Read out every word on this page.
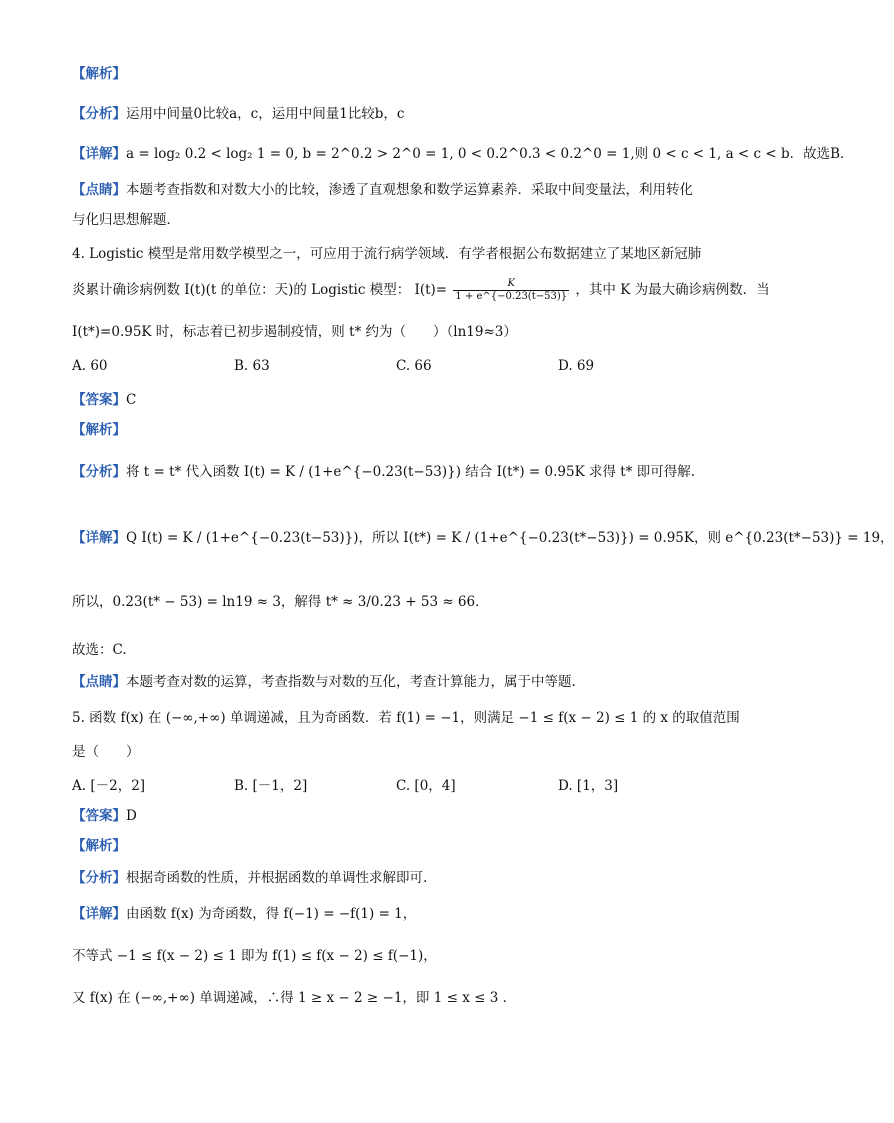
【解析】
【分析】运用中间量0比较a，c，运用中间量1比较b，c
【详解】a = log₂ 0.2 < log₂ 1 = 0, b = 2^0.2 > 2^0 = 1, 0 < 0.2^0.3 < 0.2^0 = 1,则 0 < c < 1, a < c < b．故选B．
【点睛】本题考查指数和对数大小的比较，渗透了直观想象和数学运算素养．采取中间变量法，利用转化
与化归思想解题．
4. Logistic 模型是常用数学模型之一，可应用于流行病学领域．有学者根据公布数据建立了某地区新冠肺
炎累计确诊病例数 I(t)(t 的单位：天)的 Logistic 模型： $I(t)= \frac{K}{1 + e\^{}\{-0.23(t-53)\}}$ ，其中 K 为最大确诊病例数．当
I(t*)=0.95K 时，标志着已初步遏制疫情，则 t* 约为（　　）（ln19≈3）
A. 60	B. 63	C. 66	D. 69
【答案】C
【解析】
【分析】将 t = t* 代入函数 I(t) = K / (1+e^{−0.23(t−53)}) 结合 I(t*) = 0.95K 求得 t* 即可得解.
【详解】Q I(t) = K / (1+e^{−0.23(t−53)})，所以 I(t*) = K / (1+e^{−0.23(t*−53)}) = 0.95K，则 e^{0.23(t*−53)} = 19，
所以，0.23(t* − 53) = ln19 ≈ 3，解得 t* ≈ 3/0.23 + 53 ≈ 66．
故选：C.
【点睛】本题考查对数的运算，考查指数与对数的互化，考查计算能力，属于中等题.
5. 函数 f(x) 在 (−∞,+∞) 单调递减，且为奇函数．若 f(1) = −1，则满足 −1 ≤ f(x − 2) ≤ 1 的 x 的取值范围
是（　　）
A. [－2，2]	B. [－1，2]	C. [0，4]	D. [1，3]
【答案】D
【解析】
【分析】根据奇函数的性质，并根据函数的单调性求解即可.
【详解】由函数 f(x) 为奇函数，得 f(−1) = −f(1) = 1，
不等式 −1 ≤ f(x − 2) ≤ 1 即为 f(1) ≤ f(x − 2) ≤ f(−1)，
又 f(x) 在 (−∞,+∞) 单调递减，∴得 1 ≥ x − 2 ≥ −1，即 1 ≤ x ≤ 3 ．
